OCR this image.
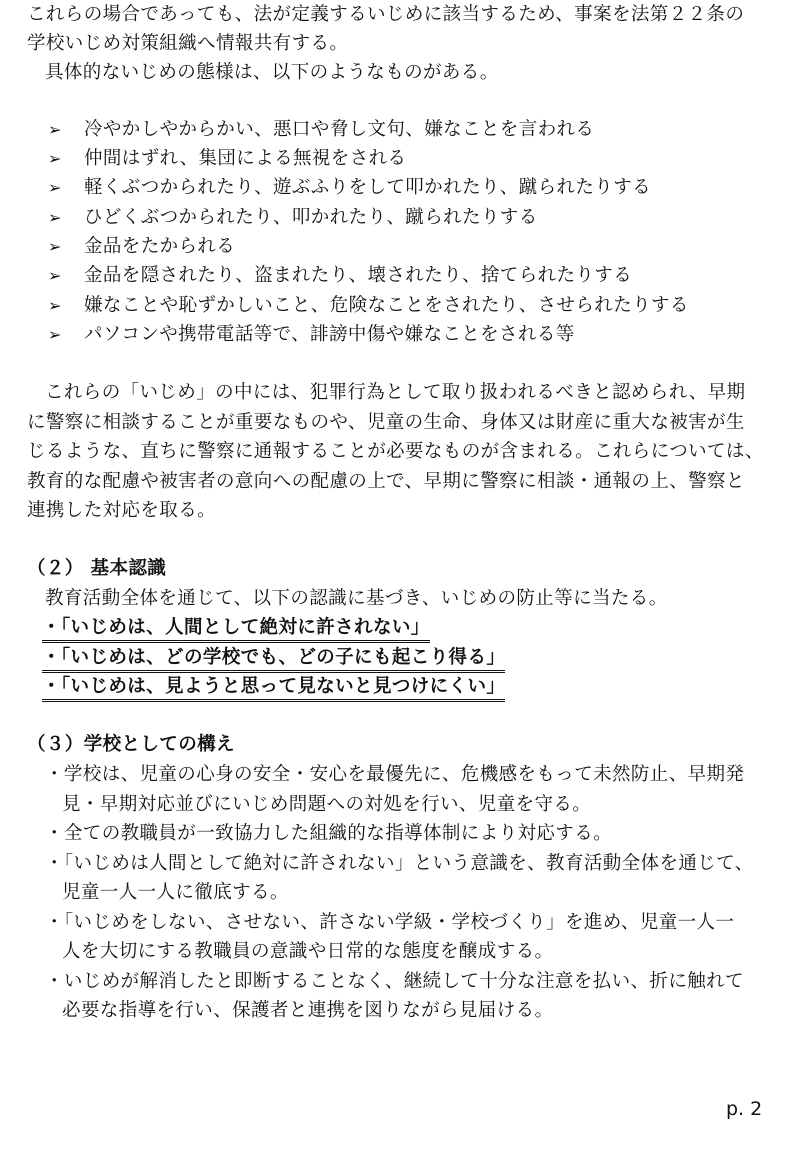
これらの場合であっても、法が定義するいじめに該当するため、事案を法第２２条の
学校いじめ対策組織へ情報共有する。
具体的ないじめの態様は、以下のようなものがある。
➢ 冷やかしやからかい、悪口や脅し文句、嫌なことを言われる
➢ 仲間はずれ、集団による無視をされる
➢ 軽くぶつかられたり、遊ぶふりをして叩かれたり、蹴られたりする
➢ ひどくぶつかられたり、叩かれたり、蹴られたりする
➢ 金品をたかられる
➢ 金品を隠されたり、盗まれたり、壊されたり、捨てられたりする
➢ 嫌なことや恥ずかしいこと、危険なことをされたり、させられたりする
➢ パソコンや携帯電話等で、誹謗中傷や嫌なことをされる等
これらの「いじめ」の中には、犯罪行為として取り扱われるべきと認められ、早期
に警察に相談することが重要なものや、児童の生命、身体又は財産に重大な被害が生
じるような、直ちに警察に通報することが必要なものが含まれる。これらについては、
教育的な配慮や被害者の意向への配慮の上で、早期に警察に相談・通報の上、警察と
連携した対応を取る。
（２） 基本認識
教育活動全体を通じて、以下の認識に基づき、いじめの防止等に当たる。
・「いじめは、人間として絶対に許されない」
・「いじめは、どの学校でも、どの子にも起こり得る」
・「いじめは、見ようと思って見ないと見つけにくい」
（３）学校としての構え
・学校は、児童の心身の安全・安心を最優先に、危機感をもって未然防止、早期発
見・早期対応並びにいじめ問題への対処を行い、児童を守る。
・全ての教職員が一致協力した組織的な指導体制により対応する。
・「いじめは人間として絶対に許されない」という意識を、教育活動全体を通じて、
児童一人一人に徹底する。
・「いじめをしない、させない、許さない学級・学校づくり」を進め、児童一人一
人を大切にする教職員の意識や日常的な態度を醸成する。
・いじめが解消したと即断することなく、継続して十分な注意を払い、折に触れて
必要な指導を行い、保護者と連携を図りながら見届ける。
p. 2
